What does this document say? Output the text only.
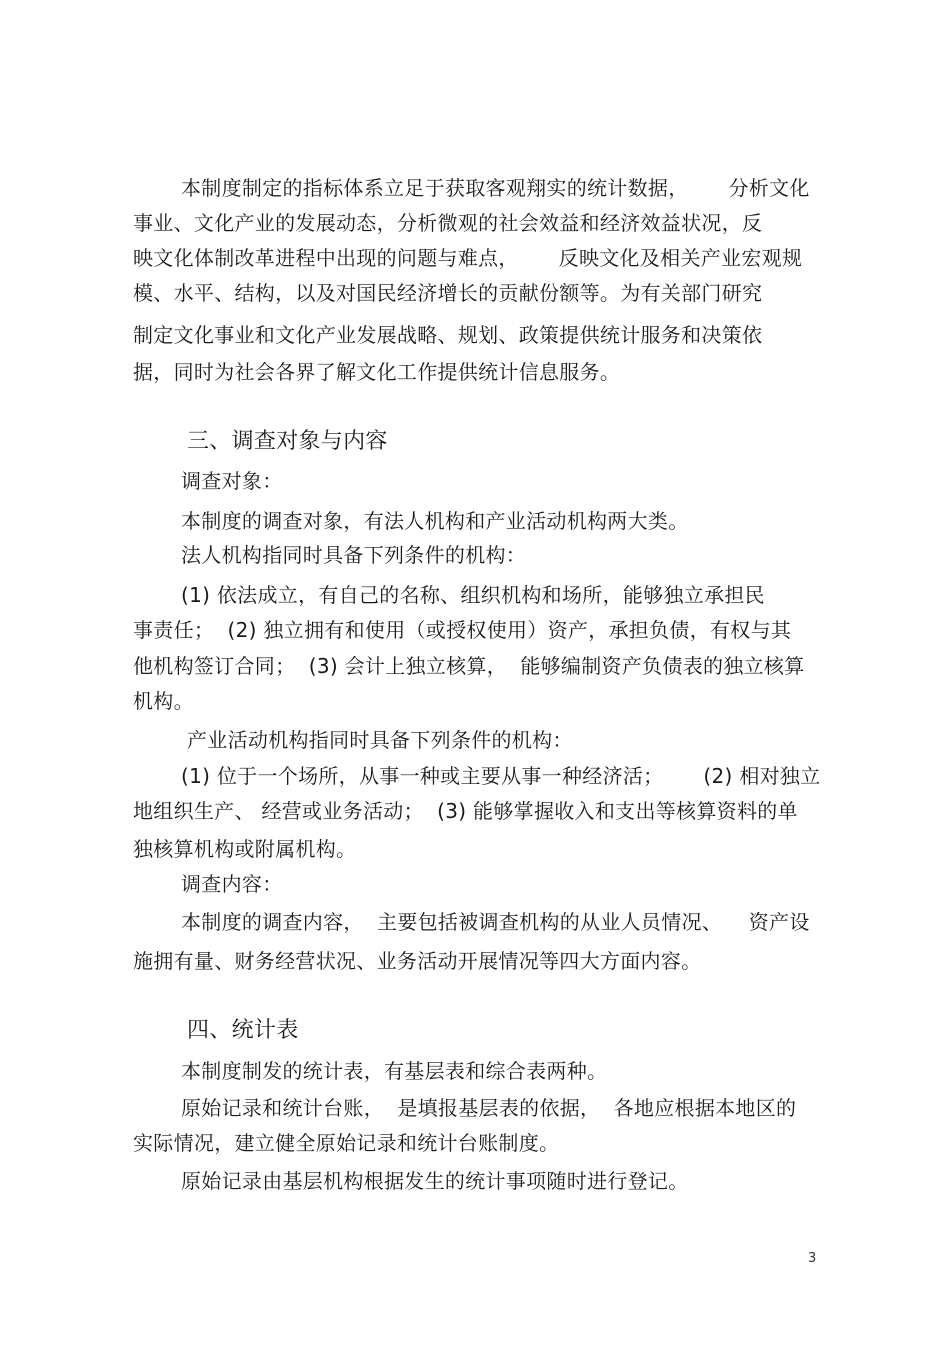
本制度制定的指标体系立足于获取客观翔实的统计数据，      分析文化
事业、文化产业的发展动态，分析微观的社会效益和经济效益状况，反
映文化体制改革进程中出现的问题与难点，      反映文化及相关产业宏观规
模、水平、结构，以及对国民经济增长的贡献份额等。为有关部门研究
制定文化事业和文化产业发展战略、规划、政策提供统计服务和决策依
据，同时为社会各界了解文化工作提供统计信息服务。
三、调查对象与内容
调查对象：
本制度的调查对象，有法人机构和产业活动机构两大类。
法人机构指同时具备下列条件的机构：
(1) 依法成立，有自己的名称、组织机构和场所，能够独立承担民
事责任；  (2) 独立拥有和使用（或授权使用）资产，承担负债，有权与其
他机构签订合同；  (3) 会计上独立核算，  能够编制资产负债表的独立核算
机构。
产业活动机构指同时具备下列条件的机构：
(1) 位于一个场所，从事一种或主要从事一种经济活；      (2) 相对独立
地组织生产、 经营或业务活动；  (3) 能够掌握收入和支出等核算资料的单
独核算机构或附属机构。
调查内容：
本制度的调查内容，  主要包括被调查机构的从业人员情况、    资产设
施拥有量、财务经营状况、业务活动开展情况等四大方面内容。
四、统计表
本制度制发的统计表，有基层表和综合表两种。
原始记录和统计台账，  是填报基层表的依据，  各地应根据本地区的
实际情况，建立健全原始记录和统计台账制度。
原始记录由基层机构根据发生的统计事项随时进行登记。
3
